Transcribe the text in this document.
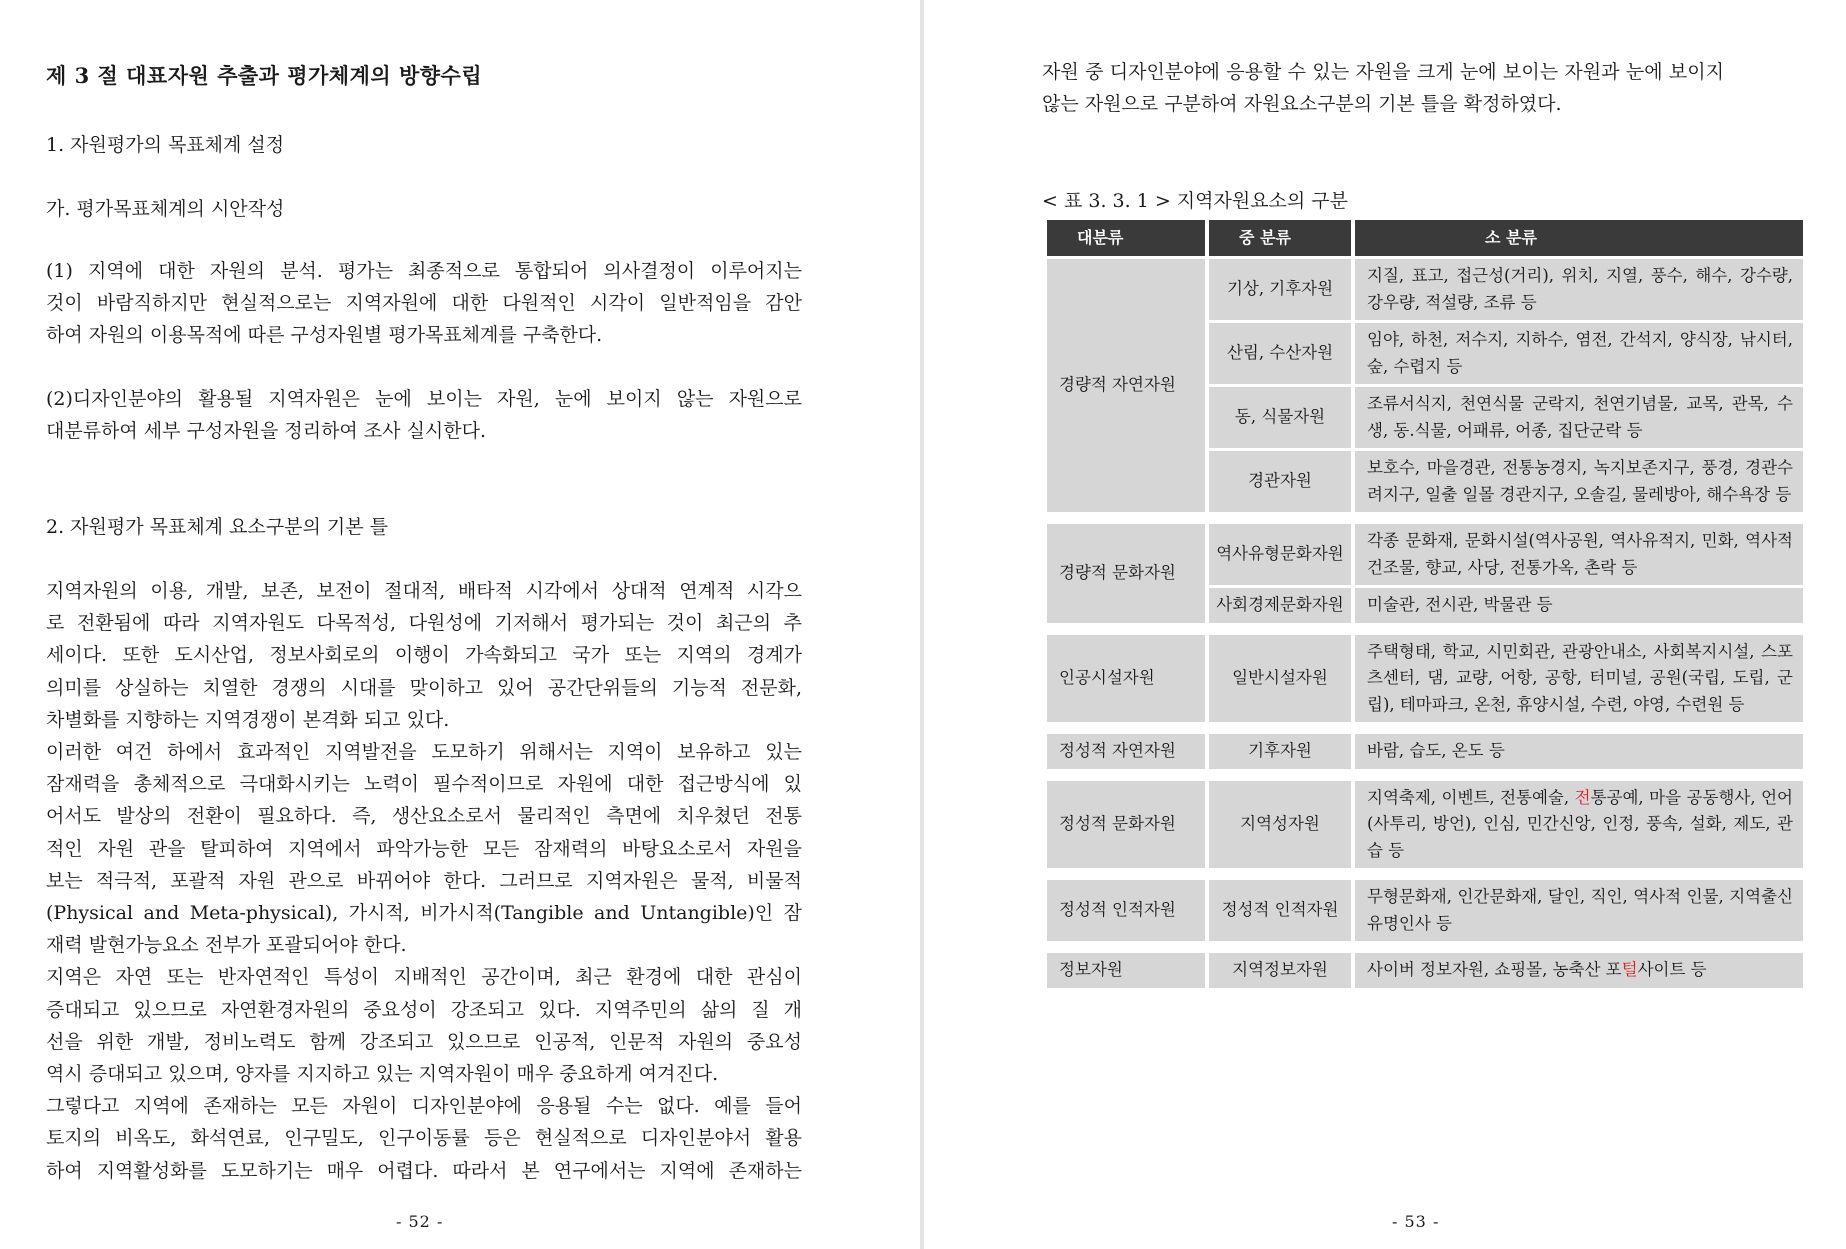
제 3 절 대표자원 추출과 평가체계의 방향수립
1. 자원평가의 목표체계 설정
가. 평가목표체계의 시안작성
(1) 지역에 대한 자원의 분석. 평가는 최종적으로 통합되어 의사결정이 이루어지는
것이 바람직하지만 현실적으로는 지역자원에 대한 다원적인 시각이 일반적임을 감안
하여 자원의 이용목적에 따른 구성자원별 평가목표체계를 구축한다.
(2)디자인분야의 활용될 지역자원은 눈에 보이는 자원, 눈에 보이지 않는 자원으로
대분류하여 세부 구성자원을 정리하여 조사 실시한다.
2. 자원평가 목표체계 요소구분의 기본 틀
지역자원의 이용, 개발, 보존, 보전이 절대적, 배타적 시각에서 상대적 연계적 시각으
로 전환됨에 따라 지역자원도 다목적성, 다원성에 기저해서 평가되는 것이 최근의 추
세이다. 또한 도시산업, 정보사회로의 이행이 가속화되고 국가 또는 지역의 경계가
의미를 상실하는 치열한 경쟁의 시대를 맞이하고 있어 공간단위들의 기능적 전문화,
차별화를 지향하는 지역경쟁이 본격화 되고 있다.
이러한 여건 하에서 효과적인 지역발전을 도모하기 위해서는 지역이 보유하고 있는
잠재력을 총체적으로 극대화시키는 노력이 필수적이므로 자원에 대한 접근방식에 있
어서도 발상의 전환이 필요하다. 즉, 생산요소로서 물리적인 측면에 치우쳤던 전통
적인 자원 관을 탈피하여 지역에서 파악가능한 모든 잠재력의 바탕요소로서 자원을
보는 적극적, 포괄적 자원 관으로 바뀌어야 한다. 그러므로 지역자원은 물적, 비물적
(Physical and Meta-physical), 가시적, 비가시적(Tangible and Untangible)인 잠
재력 발현가능요소 전부가 포괄되어야 한다.
지역은 자연 또는 반자연적인 특성이 지배적인 공간이며, 최근 환경에 대한 관심이
증대되고 있으므로 자연환경자원의 중요성이 강조되고 있다. 지역주민의 삶의 질 개
선을 위한 개발, 정비노력도 함께 강조되고 있으므로 인공적, 인문적 자원의 중요성
역시 증대되고 있으며, 양자를 지지하고 있는 지역자원이 매우 중요하게 여겨진다.
그렇다고 지역에 존재하는 모든 자원이 디자인분야에 응용될 수는 없다. 예를 들어
토지의 비옥도, 화석연료, 인구밀도, 인구이동률 등은 현실적으로 디자인분야서 활용
하여 지역활성화를 도모하기는 매우 어렵다. 따라서 본 연구에서는 지역에 존재하는
- 52 -
자원 중 디자인분야에 응용할 수 있는 자원을 크게 눈에 보이는 자원과 눈에 보이지
않는 자원으로 구분하여 자원요소구분의 기본 틀을 확정하였다.
< 표 3. 3. 1 > 지역자원요소의 구분
대분류	중 분류	소 분류
경량적 자연자원	기상, 기후자원	지질, 표고, 접근성(거리), 위치, 지열, 풍수, 해수, 강수량, 강우량, 적설량, 조류 등
	산림, 수산자원	임야, 하천, 저수지, 지하수, 염전, 간석지, 양식장, 낚시터, 숲, 수렵지 등
	동, 식물자원	조류서식지, 천연식물 군락지, 천연기념물, 교목, 관목, 수생, 동.식물, 어패류, 어종, 집단군락 등
	경관자원	보호수, 마을경관, 전통농경지, 녹지보존지구, 풍경, 경관수려지구, 일출 일몰 경관지구, 오솔길, 물레방아, 해수욕장 등

경량적 문화자원	역사유형문화자원	각종 문화재, 문화시설(역사공원, 역사유적지, 민화, 역사적 건조물, 향교, 사당, 전통가옥, 촌락 등
	사회경제문화자원	미술관, 전시관, 박물관 등

인공시설자원	일반시설자원	주택형태, 학교, 시민회관, 관광안내소, 사회복지시설, 스포츠센터, 댐, 교량, 어항, 공항, 터미널, 공원(국립, 도립, 군립), 테마파크, 온천, 휴양시설, 수련, 야영, 수련원 등

정성적 자연자원	기후자원	바람, 습도, 온도 등

정성적 문화자원	지역성자원	지역축제, 이벤트, 전통예술, 전통공예, 마을 공동행사, 언어(사투리, 방언), 인심, 민간신앙, 인정, 풍속, 설화, 제도, 관습 등

정성적 인적자원	정성적 인적자원	무형문화재, 인간문화재, 달인, 직인, 역사적 인물, 지역출신 유명인사 등

정보자원	지역정보자원	사이버 정보자원, 쇼핑몰, 농축산 포털사이트 등
- 53 -
